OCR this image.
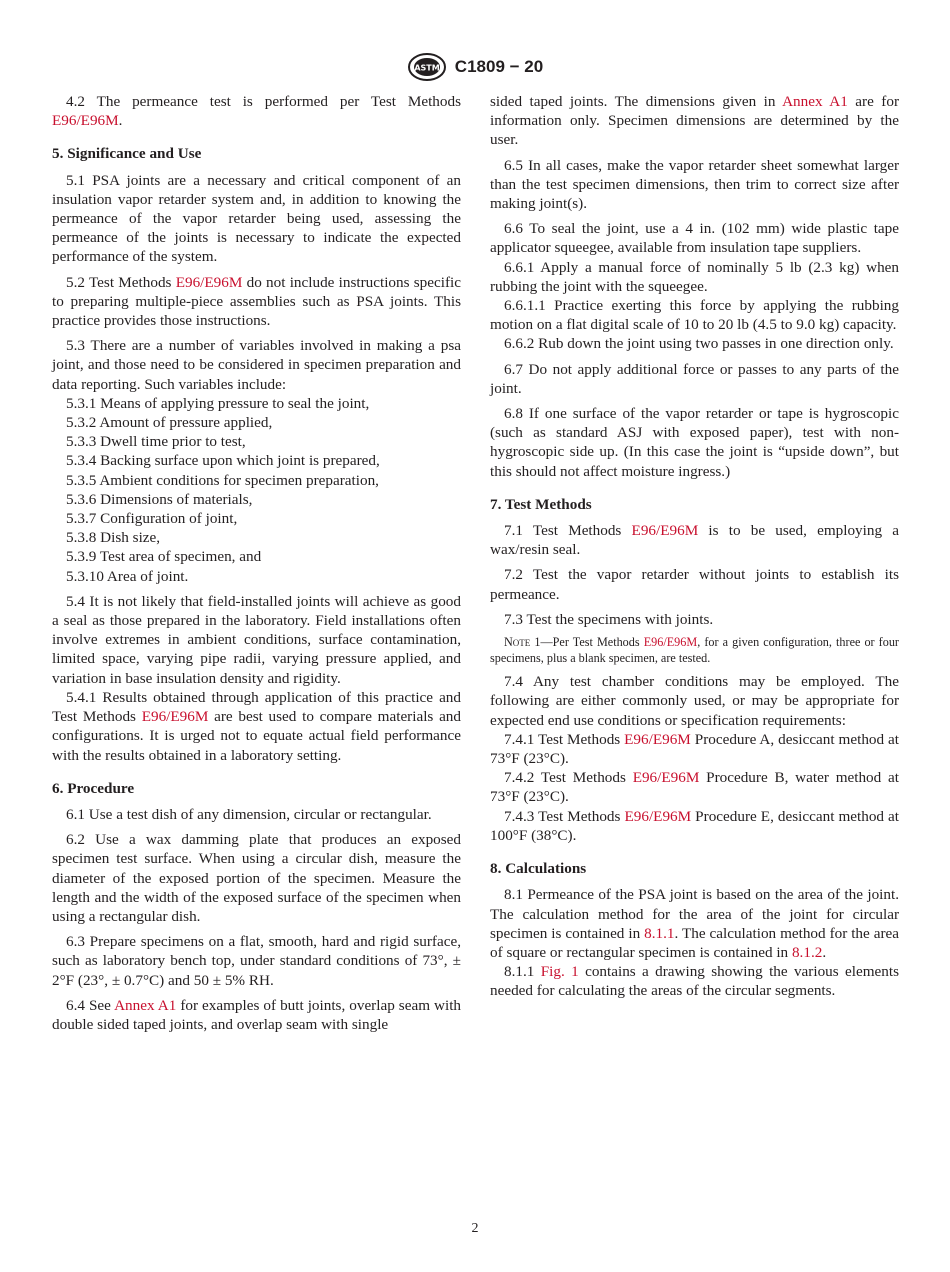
ASTM C1809 − 20

4.2 The permeance test is performed per Test Methods E96/E96M.

5. Significance and Use

5.1 PSA joints are a necessary and critical component of an insulation vapor retarder system and, in addition to knowing the permeance of the vapor retarder being used, assessing the permeance of the joints is necessary to indicate the expected performance of the system.

5.2 Test Methods E96/E96M do not include instructions specific to preparing multiple-piece assemblies such as PSA joints. This practice provides those instructions.

5.3 There are a number of variables involved in making a psa joint, and those need to be considered in specimen preparation and data reporting. Such variables include:

5.3.1 Means of applying pressure to seal the joint,

5.3.2 Amount of pressure applied,

5.3.3 Dwell time prior to test,

5.3.4 Backing surface upon which joint is prepared,

5.3.5 Ambient conditions for specimen preparation,

5.3.6 Dimensions of materials,

5.3.7 Configuration of joint,

5.3.8 Dish size,

5.3.9 Test area of specimen, and

5.3.10 Area of joint.

5.4 It is not likely that field-installed joints will achieve as good a seal as those prepared in the laboratory. Field installations often involve extremes in ambient conditions, surface contamination, limited space, varying pipe radii, varying pressure applied, and variation in base insulation density and rigidity.

5.4.1 Results obtained through application of this practice and Test Methods E96/E96M are best used to compare materials and configurations. It is urged not to equate actual field performance with the results obtained in a laboratory setting.

6. Procedure

6.1 Use a test dish of any dimension, circular or rectangular.

6.2 Use a wax damming plate that produces an exposed specimen test surface. When using a circular dish, measure the diameter of the exposed portion of the specimen. Measure the length and the width of the exposed surface of the specimen when using a rectangular dish.

6.3 Prepare specimens on a flat, smooth, hard and rigid surface, such as laboratory bench top, under standard conditions of 73°, ± 2°F (23°, ± 0.7°C) and 50 ± 5% RH.

6.4 See Annex A1 for examples of butt joints, overlap seam with double sided taped joints, and overlap seam with single

sided taped joints. The dimensions given in Annex A1 are for information only. Specimen dimensions are determined by the user.

6.5 In all cases, make the vapor retarder sheet somewhat larger than the test specimen dimensions, then trim to correct size after making joint(s).

6.6 To seal the joint, use a 4 in. (102 mm) wide plastic tape applicator squeegee, available from insulation tape suppliers.

6.6.1 Apply a manual force of nominally 5 lb (2.3 kg) when rubbing the joint with the squeegee.

6.6.1.1 Practice exerting this force by applying the rubbing motion on a flat digital scale of 10 to 20 lb (4.5 to 9.0 kg) capacity.

6.6.2 Rub down the joint using two passes in one direction only.

6.7 Do not apply additional force or passes to any parts of the joint.

6.8 If one surface of the vapor retarder or tape is hygroscopic (such as standard ASJ with exposed paper), test with non-hygroscopic side up. (In this case the joint is “upside down”, but this should not affect moisture ingress.)

7. Test Methods

7.1 Test Methods E96/E96M is to be used, employing a wax/resin seal.

7.2 Test the vapor retarder without joints to establish its permeance.

7.3 Test the specimens with joints.

Note 1—Per Test Methods E96/E96M, for a given configuration, three or four specimens, plus a blank specimen, are tested.

7.4 Any test chamber conditions may be employed. The following are either commonly used, or may be appropriate for expected end use conditions or specification requirements:

7.4.1 Test Methods E96/E96M Procedure A, desiccant method at 73°F (23°C).

7.4.2 Test Methods E96/E96M Procedure B, water method at 73°F (23°C).

7.4.3 Test Methods E96/E96M Procedure E, desiccant method at 100°F (38°C).

8. Calculations

8.1 Permeance of the PSA joint is based on the area of the joint. The calculation method for the area of the joint for circular specimen is contained in 8.1.1. The calculation method for the area of square or rectangular specimen is contained in 8.1.2.

8.1.1 Fig. 1 contains a drawing showing the various elements needed for calculating the areas of the circular segments.

2
